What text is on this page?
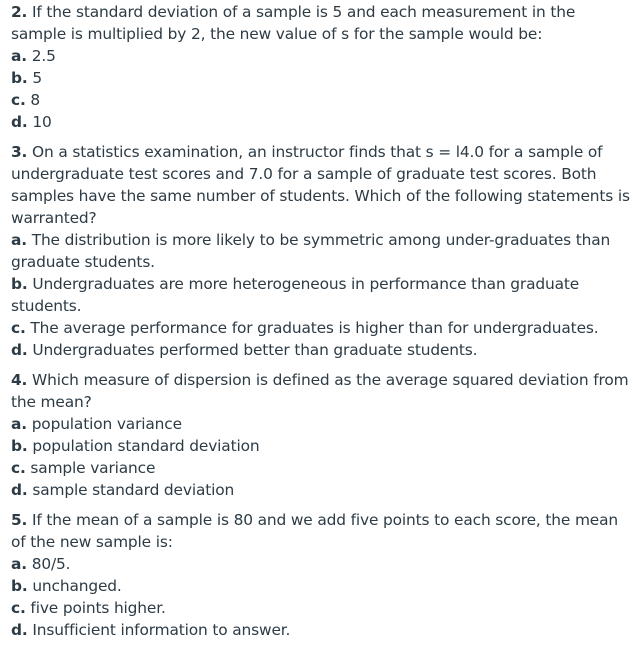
2. If the standard deviation of a sample is 5 and each measurement in the sample is multiplied by 2, the new value of s for the sample would be:
a. 2.5
b. 5
c. 8
d. 10
3. On a statistics examination, an instructor finds that s = l4.0 for a sample of undergraduate test scores and 7.0 for a sample of graduate test scores. Both samples have the same number of students. Which of the following statements is warranted?
a. The distribution is more likely to be symmetric among under-graduates than graduate students.
b. Undergraduates are more heterogeneous in performance than graduate students.
c. The average performance for graduates is higher than for undergraduates.
d. Undergraduates performed better than graduate students.
4. Which measure of dispersion is defined as the average squared deviation from the mean?
a. population variance
b. population standard deviation
c. sample variance
d. sample standard deviation
5. If the mean of a sample is 80 and we add five points to each score, the mean of the new sample is:
a. 80/5.
b. unchanged.
c. five points higher.
d. Insufficient information to answer.
